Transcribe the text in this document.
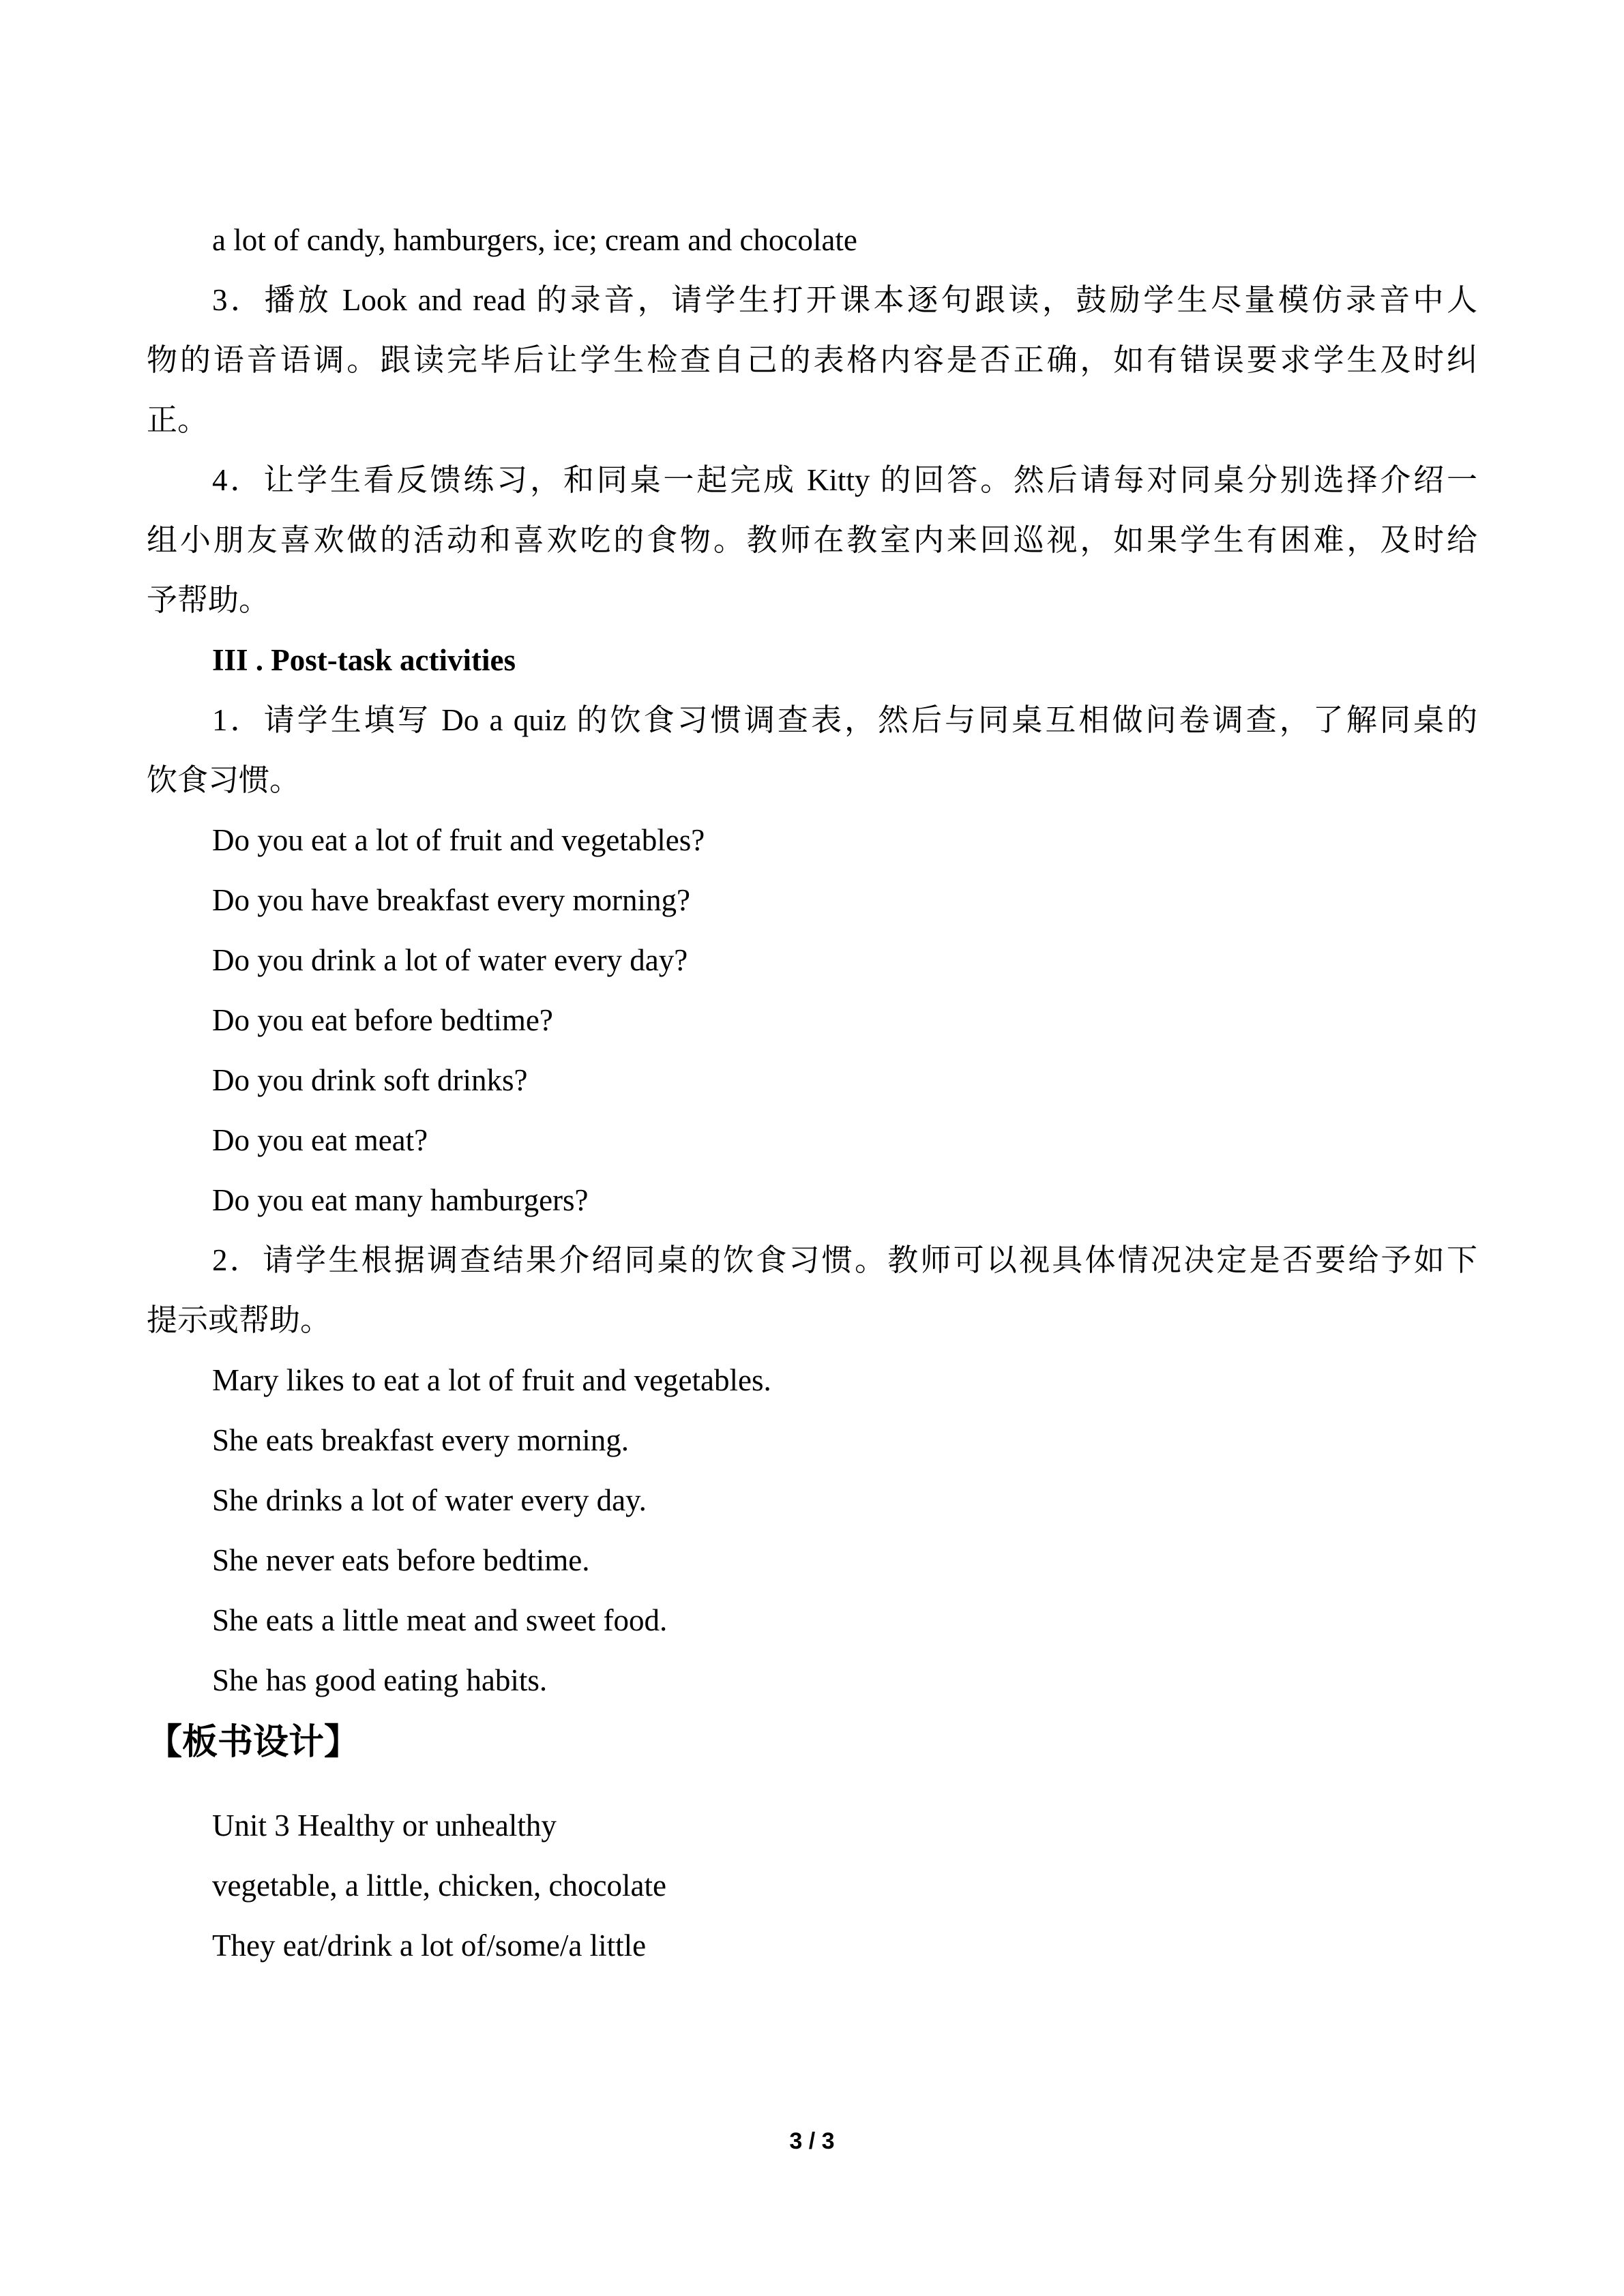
a lot of candy, hamburgers, ice; cream and chocolate
3．播放 Look and read 的录音，请学生打开课本逐句跟读，鼓励学生尽量模仿录音中人
物的语音语调。跟读完毕后让学生检查自己的表格内容是否正确，如有错误要求学生及时纠
正。
4．让学生看反馈练习，和同桌一起完成 Kitty 的回答。然后请每对同桌分别选择介绍一
组小朋友喜欢做的活动和喜欢吃的食物。教师在教室内来回巡视，如果学生有困难，及时给
予帮助。
III . Post-task activities
1．请学生填写 Do a quiz 的饮食习惯调查表，然后与同桌互相做问卷调查，了解同桌的
饮食习惯。
Do you eat a lot of fruit and vegetables?
Do you have breakfast every morning?
Do you drink a lot of water every day?
Do you eat before bedtime?
Do you drink soft drinks?
Do you eat meat?
Do you eat many hamburgers?
2．请学生根据调查结果介绍同桌的饮食习惯。教师可以视具体情况决定是否要给予如下
提示或帮助。
Mary likes to eat a lot of fruit and vegetables.
She eats breakfast every morning.
She drinks a lot of water every day.
She never eats before bedtime.
She eats a little meat and sweet food.
She has good eating habits.
【板书设计】
Unit 3 Healthy or unhealthy
vegetable, a little, chicken, chocolate
They eat/drink a lot of/some/a little
3 / 3
